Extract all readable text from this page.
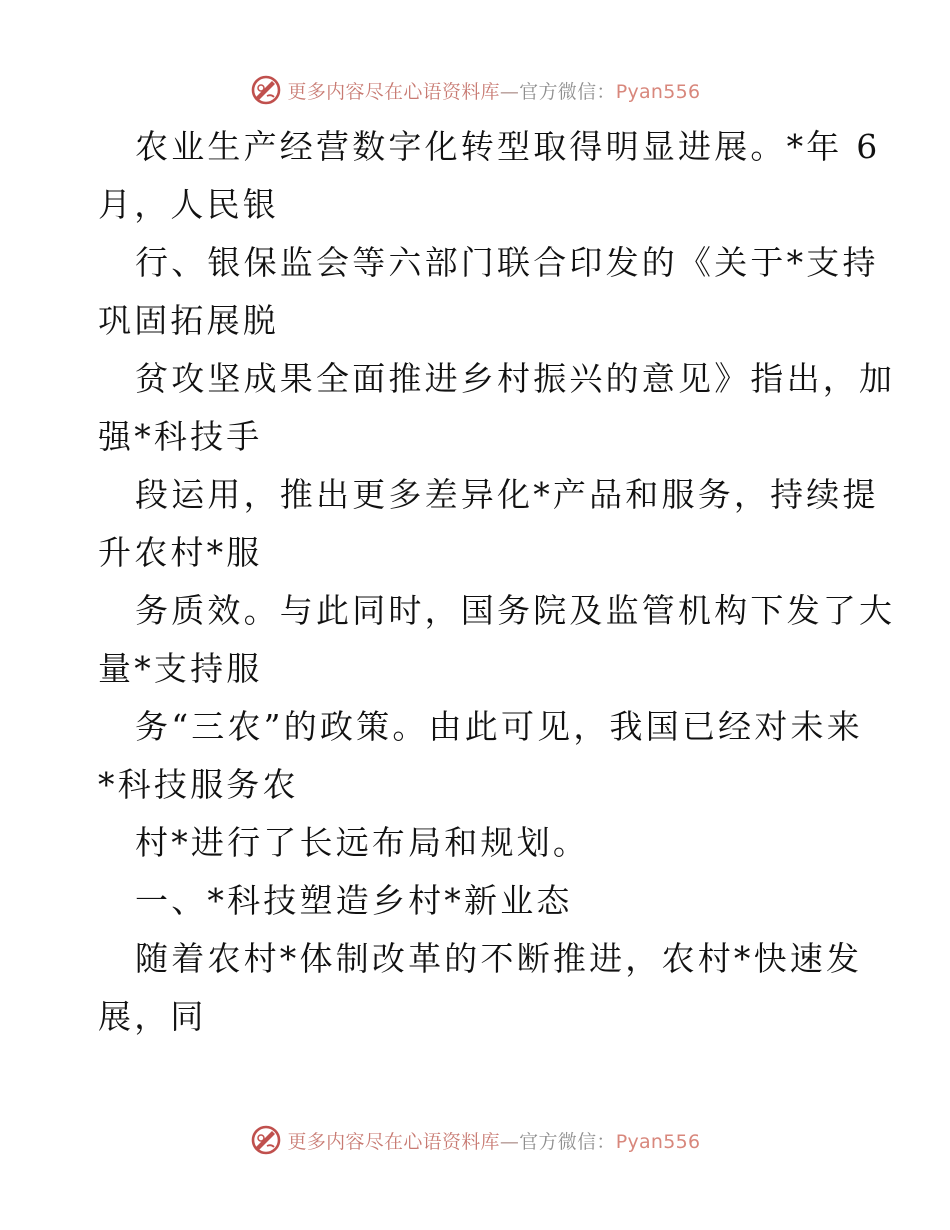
更多内容尽在心语资料库—官方微信：Pyan556
农业生产经营数字化转型取得明显进展。*年 6
月，人民银
行、银保监会等六部门联合印发的《关于*支持
巩固拓展脱
贫攻坚成果全面推进乡村振兴的意见》指出，加
强*科技手
段运用，推出更多差异化*产品和服务，持续提
升农村*服
务质效。与此同时，国务院及监管机构下发了大
量*支持服
务“三农”的政策。由此可见，我国已经对未来
*科技服务农
村*进行了长远布局和规划。
一、*科技塑造乡村*新业态
随着农村*体制改革的不断推进，农村*快速发
展，同
更多内容尽在心语资料库—官方微信：Pyan556
